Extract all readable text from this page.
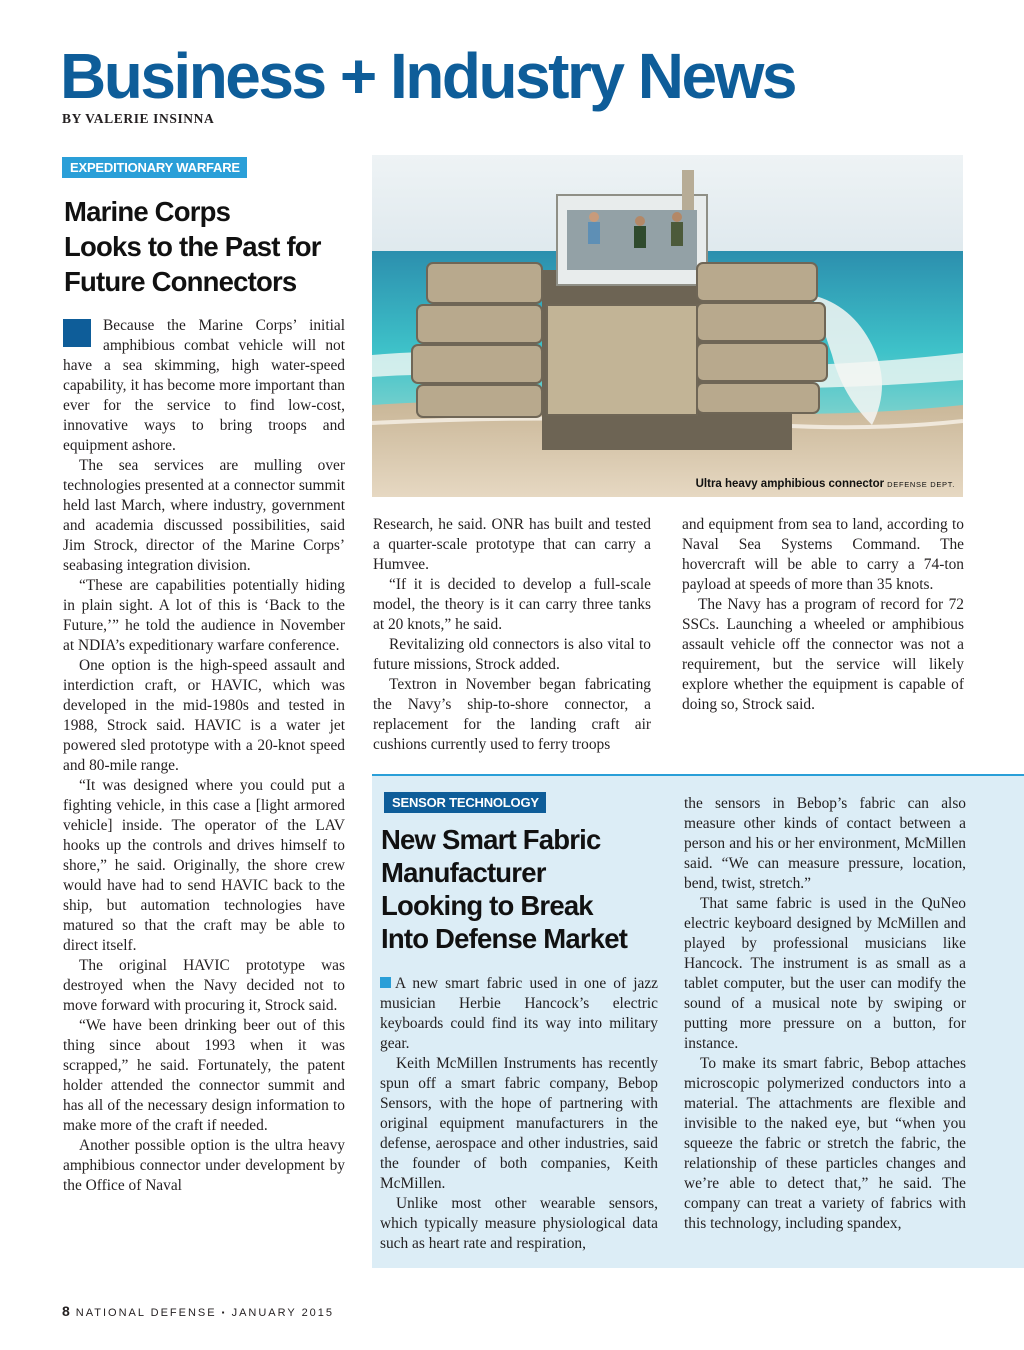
Business + Industry News
BY VALERIE INSINNA
EXPEDITIONARY WARFARE
Marine Corps
Looks to the Past for
Future Connectors

Because the Marine Corps’ initial amphibious combat vehicle will not have a sea skimming, high water-speed capability, it has become more important than ever for the service to find low-cost, innovative ways to bring troops and equipment ashore.

The sea services are mulling over technologies presented at a connector summit held last March, where industry, government and academia discussed possibilities, said Jim Strock, director of the Marine Corps’ seabasing integration division.

“These are capabilities potentially hiding in plain sight. A lot of this is ‘Back to the Future,’” he told the audience in November at NDIA’s expeditionary warfare conference.

One option is the high-speed assault and interdiction craft, or HAVIC, which was developed in the mid-1980s and tested in 1988, Strock said. HAVIC is a water jet powered sled prototype with a 20-knot speed and 80-mile range.

“It was designed where you could put a fighting vehicle, in this case a [light armored vehicle] inside. The operator of the LAV hooks up the controls and drives himself to shore,” he said. Originally, the shore crew would have had to send HAVIC back to the ship, but automation technologies have matured so that the craft may be able to direct itself.

The original HAVIC prototype was destroyed when the Navy decided not to move forward with procuring it, Strock said.

“We have been drinking beer out of this thing since about 1993 when it was scrapped,” he said. Fortunately, the patent holder attended the connector summit and has all of the necessary design information to make more of the craft if needed.

Another possible option is the ultra heavy amphibious connector under development by the Office of Naval

Ultra heavy amphibious connector DEFENSE DEPT.

Research, he said. ONR has built and tested a quarter-scale prototype that can carry a Humvee.

“If it is decided to develop a full-scale model, the theory is it can carry three tanks at 20 knots,” he said.

Revitalizing old connectors is also vital to future missions, Strock added.

Textron in November began fabricating the Navy’s ship-to-shore connector, a replacement for the landing craft air cushions currently used to ferry troops

and equipment from sea to land, according to Naval Sea Systems Command. The hovercraft will be able to carry a 74-ton payload at speeds of more than 35 knots.

The Navy has a program of record for 72 SSCs. Launching a wheeled or amphibious assault vehicle off the connector was not a requirement, but the service will likely explore whether the equipment is capable of doing so, Strock said.

SENSOR TECHNOLOGY
New Smart Fabric
Manufacturer
Looking to Break
Into Defense Market

A new smart fabric used in one of jazz musician Herbie Hancock’s electric keyboards could find its way into military gear.

Keith McMillen Instruments has recently spun off a smart fabric company, Bebop Sensors, with the hope of partnering with original equipment manufacturers in the defense, aerospace and other industries, said the founder of both companies, Keith McMillen.

Unlike most other wearable sensors, which typically measure physiological data such as heart rate and respiration,

the sensors in Bebop’s fabric can also measure other kinds of contact between a person and his or her environment, McMillen said. “We can measure pressure, location, bend, twist, stretch.”

That same fabric is used in the QuNeo electric keyboard designed by McMillen and played by professional musicians like Hancock. The instrument is as small as a tablet computer, but the user can modify the sound of a musical note by swiping or putting more pressure on a button, for instance.

To make its smart fabric, Bebop attaches microscopic polymerized conductors into a material. The attachments are flexible and invisible to the naked eye, but “when you squeeze the fabric or stretch the fabric, the relationship of these particles changes and we’re able to detect that,” he said. The company can treat a variety of fabrics with this technology, including spandex,

8 NATIONAL DEFENSE ▪ JANUARY 2015
